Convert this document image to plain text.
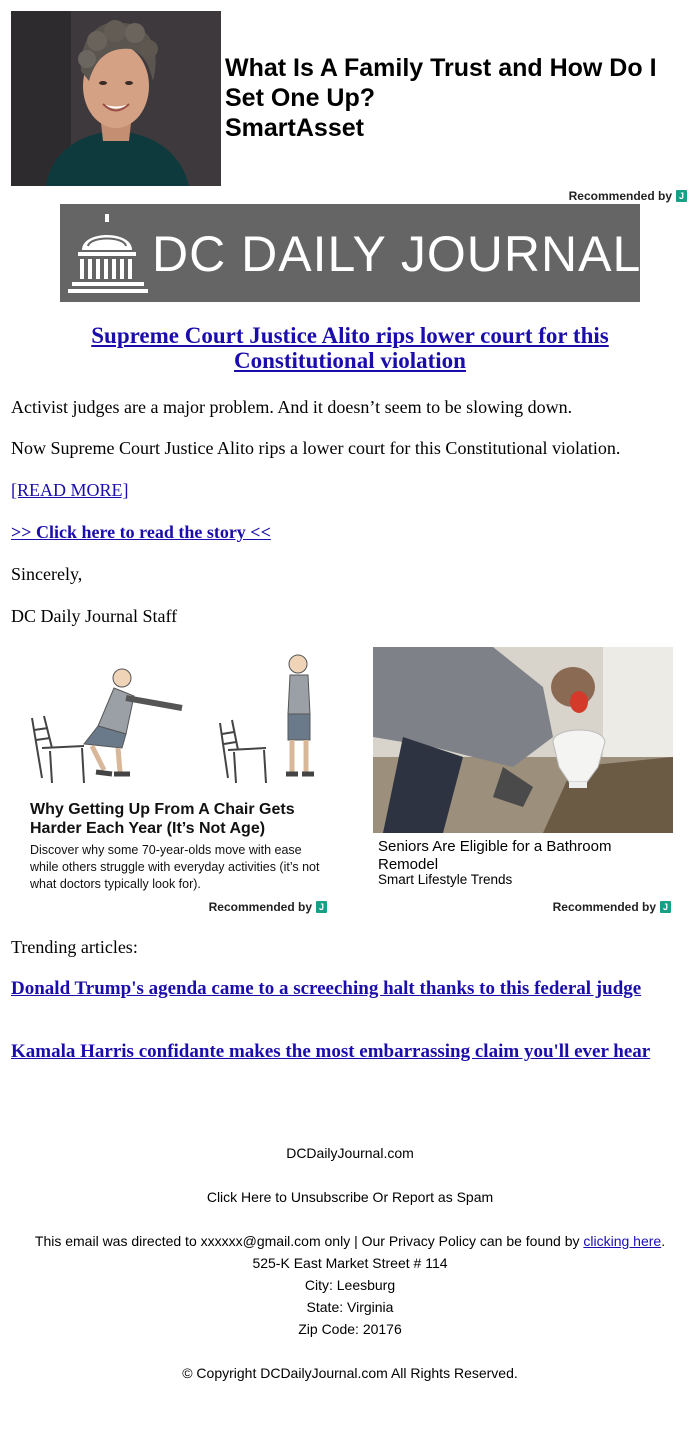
What Is A Family Trust and How Do I Set One Up?
SmartAsset
Recommended by J
DC DAILY JOURNAL
Supreme Court Justice Alito rips lower court for this Constitutional violation
Activist judges are a major problem. And it doesn’t seem to be slowing down.
Now Supreme Court Justice Alito rips a lower court for this Constitutional violation.
[READ MORE]
>> Click here to read the story <<
Sincerely,
DC Daily Journal Staff
Why Getting Up From A Chair Gets Harder Each Year (It’s Not Age)
Discover why some 70-year-olds move with ease while others struggle with everyday activities (it’s not what doctors typically look for).
Recommended by J
Seniors Are Eligible for a Bathroom Remodel
Smart Lifestyle Trends
Recommended by J
Trending articles:
Donald Trump's agenda came to a screeching halt thanks to this federal judge
Kamala Harris confidante makes the most embarrassing claim you'll ever hear
DCDailyJournal.com
Click Here to Unsubscribe Or Report as Spam
This email was directed to xxxxxx@gmail.com only | Our Privacy Policy can be found by clicking here.
525-K East Market Street # 114
City: Leesburg
State: Virginia
Zip Code: 20176
© Copyright DCDailyJournal.com All Rights Reserved.
